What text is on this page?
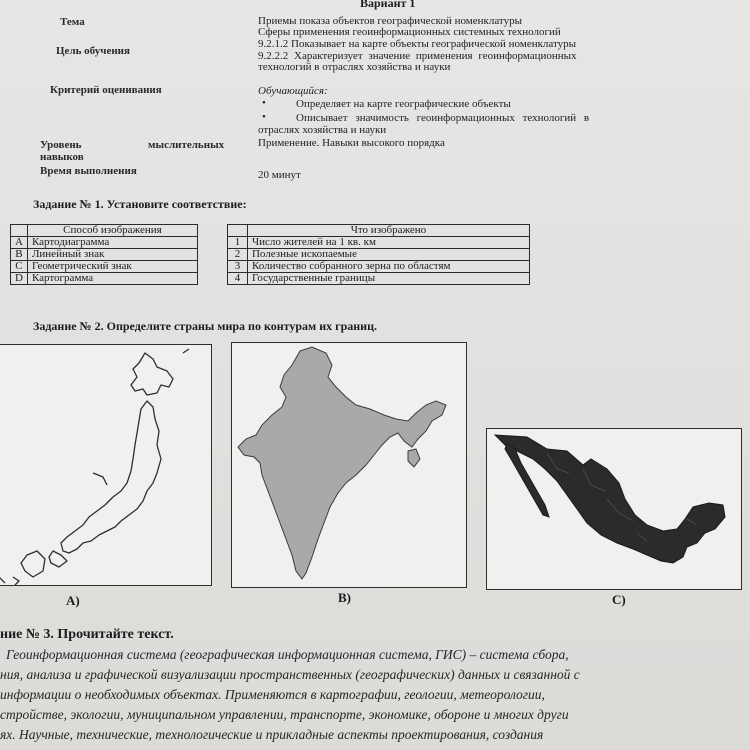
Вариант 1
Тема	Приемы показа объектов географической номенклатуры
Сферы применения геоинформационных системных технологий
Цель обучения
9.2.1.2 Показывает на карте объекты географической номенклатуры
9.2.2.2 Характеризует значение применения геоинформационных
технологий в отраслях хозяйства и науки
Критерий оценивания	Обучающийся:
•	Определяет на карте географические объекты
•	Описывает значимость геоинформационных технологий в
отраслях хозяйства и науки
Уровень	мыслительных
навыков
Применение. Навыки высокого порядка
Время выполнения	20 минут
Задание № 1. Установите соответствие:
	Способ изображения			Что изображено
A	Картодиаграмма		1	Число жителей на 1 кв. км
B	Линейный знак		2	Полезные ископаемые
C	Геометрический знак		3	Количество собранного зерна по областям
D	Картограмма		4	Государственные границы
Задание № 2. Определите страны мира по контурам их границ.
A)	B)	C)
ние № 3. Прочитайте текст.
Геоинформационная система (географическая информационная система, ГИС) – система сбора,
ния, анализа и графической визуализации пространственных (географических) данных и связанной с
информации о необходимых объектах. Применяются в картографии, геологии, метеорологии,
стройстве, экологии, муниципальном управлении, транспорте, экономике, обороне и многих други
ях. Научные, технические, технологические и прикладные аспекты проектирования, создания
